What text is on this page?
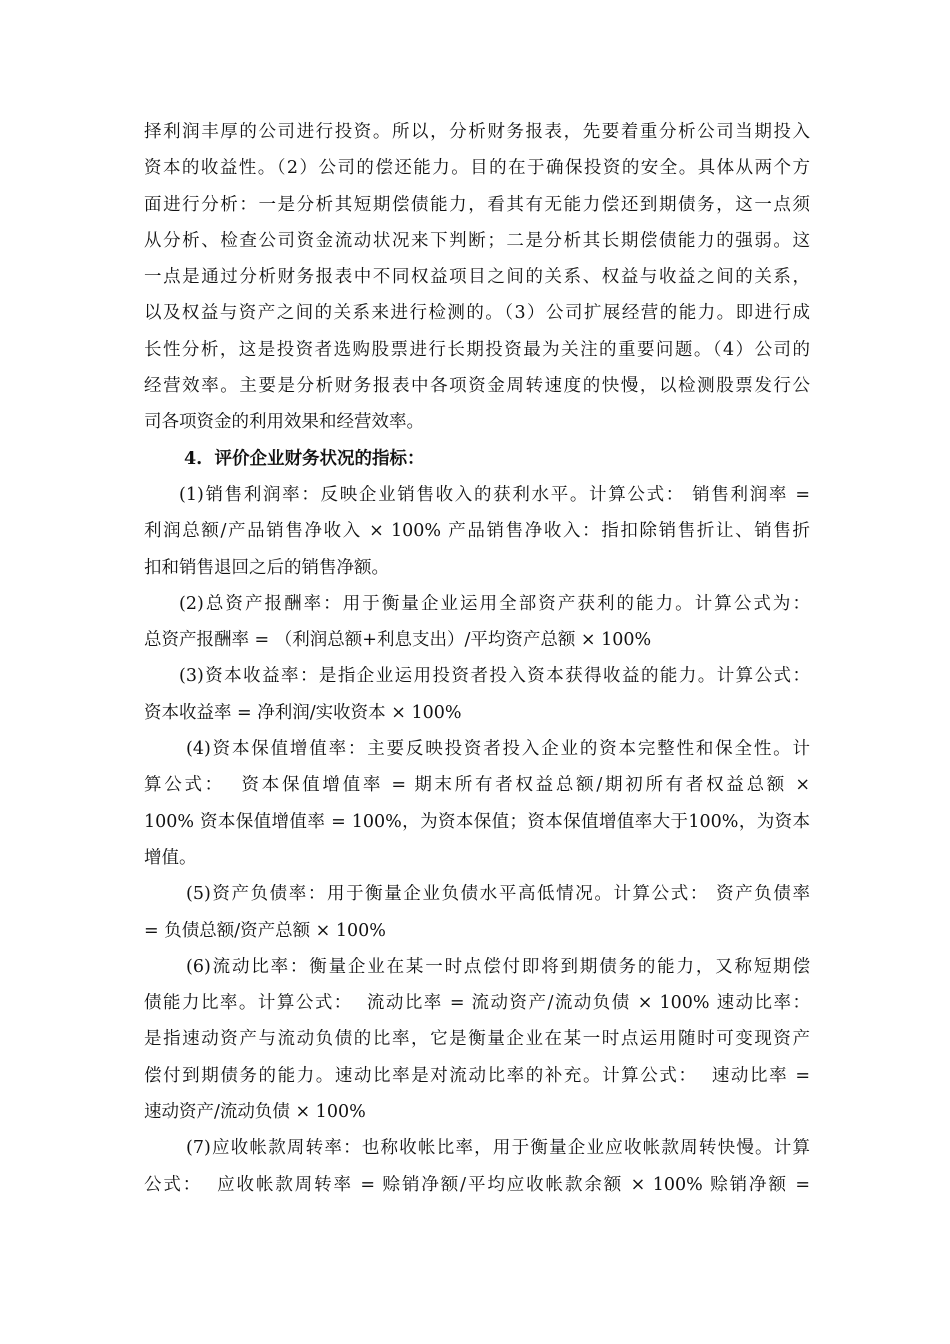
择利润丰厚的公司进行投资。所以，分析财务报表，先要着重分析公司当期投入
资本的收益性。（2）公司的偿还能力。目的在于确保投资的安全。具体从两个方
面进行分析：一是分析其短期偿债能力，看其有无能力偿还到期债务，这一点须
从分析、检查公司资金流动状况来下判断；二是分析其长期偿债能力的强弱。这
一点是通过分析财务报表中不同权益项目之间的关系、权益与收益之间的关系，
以及权益与资产之间的关系来进行检测的。（3）公司扩展经营的能力。即进行成
长性分析，这是投资者选购股票进行长期投资最为关注的重要问题。（4）公司的
经营效率。主要是分析财务报表中各项资金周转速度的快慢，以检测股票发行公
司各项资金的利用效果和经营效率。
4.  评价企业财务状况的指标：
(1)销售利润率：反映企业销售收入的获利水平。计算公式： 销售利润率 =
利润总额/产品销售净收入 × 100% 产品销售净收入：指扣除销售折让、销售折
扣和销售退回之后的销售净额。
(2)总资产报酬率：用于衡量企业运用全部资产获利的能力。计算公式为：
总资产报酬率 = （利润总额+利息支出）/平均资产总额 × 100%
(3)资本收益率：是指企业运用投资者投入资本获得收益的能力。计算公式：
资本收益率 = 净利润/实收资本 × 100%
(4)资本保值增值率：主要反映投资者投入企业的资本完整性和保全性。计
算公式：  资本保值增值率 = 期末所有者权益总额/期初所有者权益总额 ×
100% 资本保值增值率 = 100%，为资本保值；资本保值增值率大于100%，为资本
增值。
(5)资产负债率：用于衡量企业负债水平高低情况。计算公式： 资产负债率
= 负债总额/资产总额 × 100%
(6)流动比率：衡量企业在某一时点偿付即将到期债务的能力，又称短期偿
债能力比率。计算公式：  流动比率 = 流动资产/流动负债 × 100% 速动比率：
是指速动资产与流动负债的比率，它是衡量企业在某一时点运用随时可变现资产
偿付到期债务的能力。速动比率是对流动比率的补充。计算公式：  速动比率 =
速动资产/流动负债 × 100%
(7)应收帐款周转率：也称收帐比率，用于衡量企业应收帐款周转快慢。计算
公式：  应收帐款周转率 = 赊销净额/平均应收帐款余额 × 100% 赊销净额 =
